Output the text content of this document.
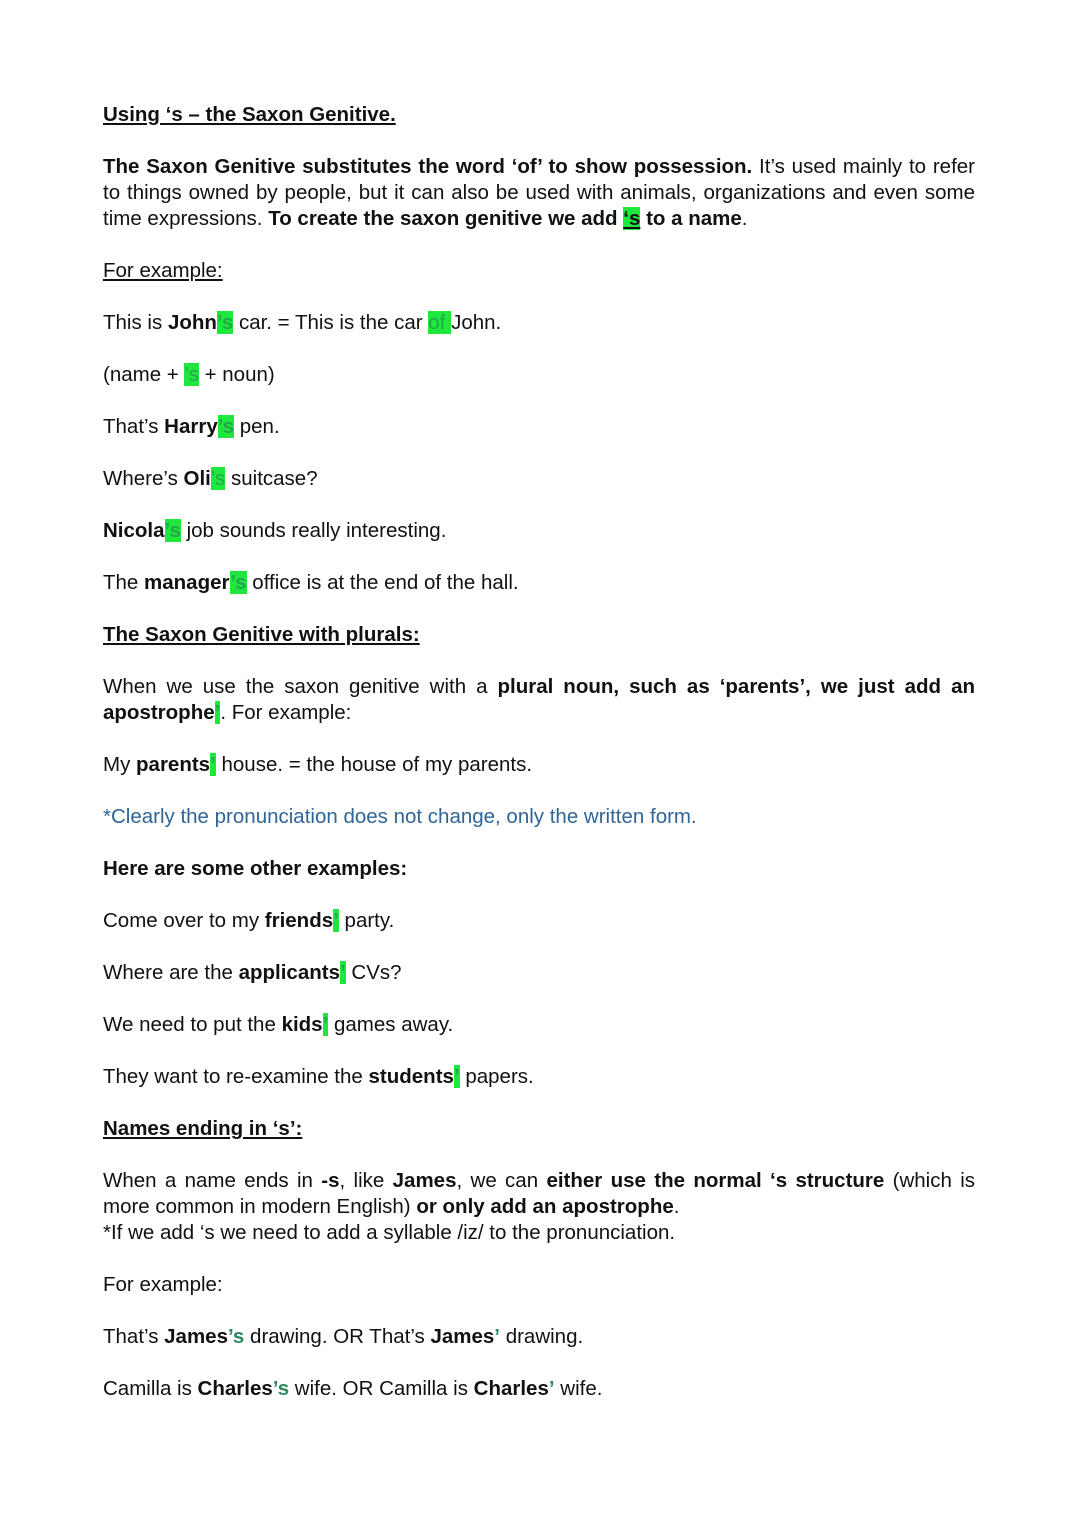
Using ‘s – the Saxon Genitive.

The Saxon Genitive substitutes the word ‘of’ to show possession. It’s used mainly to refer to things owned by people, but it can also be used with animals, organizations and even some time expressions. To create the saxon genitive we add ‘s to a name.

For example:

This is John’s car. = This is the car of John.

(name + ’s + noun)

That’s Harry’s pen.

Where’s Oli’s suitcase?

Nicola’s job sounds really interesting.

The manager’s office is at the end of the hall.

The Saxon Genitive with plurals:

When we use the saxon genitive with a plural noun, such as ‘parents’, we just add an apostrophe’. For example:

My parents’ house. = the house of my parents.

*Clearly the pronunciation does not change, only the written form.

Here are some other examples:

Come over to my friends’ party.

Where are the applicants’ CVs?

We need to put the kids’ games away.

They want to re-examine the students’ papers.

Names ending in ‘s’:

When a name ends in -s, like James, we can either use the normal ‘s structure (which is more common in modern English) or only add an apostrophe.

*If we add ‘s we need to add a syllable /iz/ to the pronunciation.

For example:

That’s James’s drawing. OR That’s James’ drawing.

Camilla is Charles’s wife. OR Camilla is Charles’ wife.
